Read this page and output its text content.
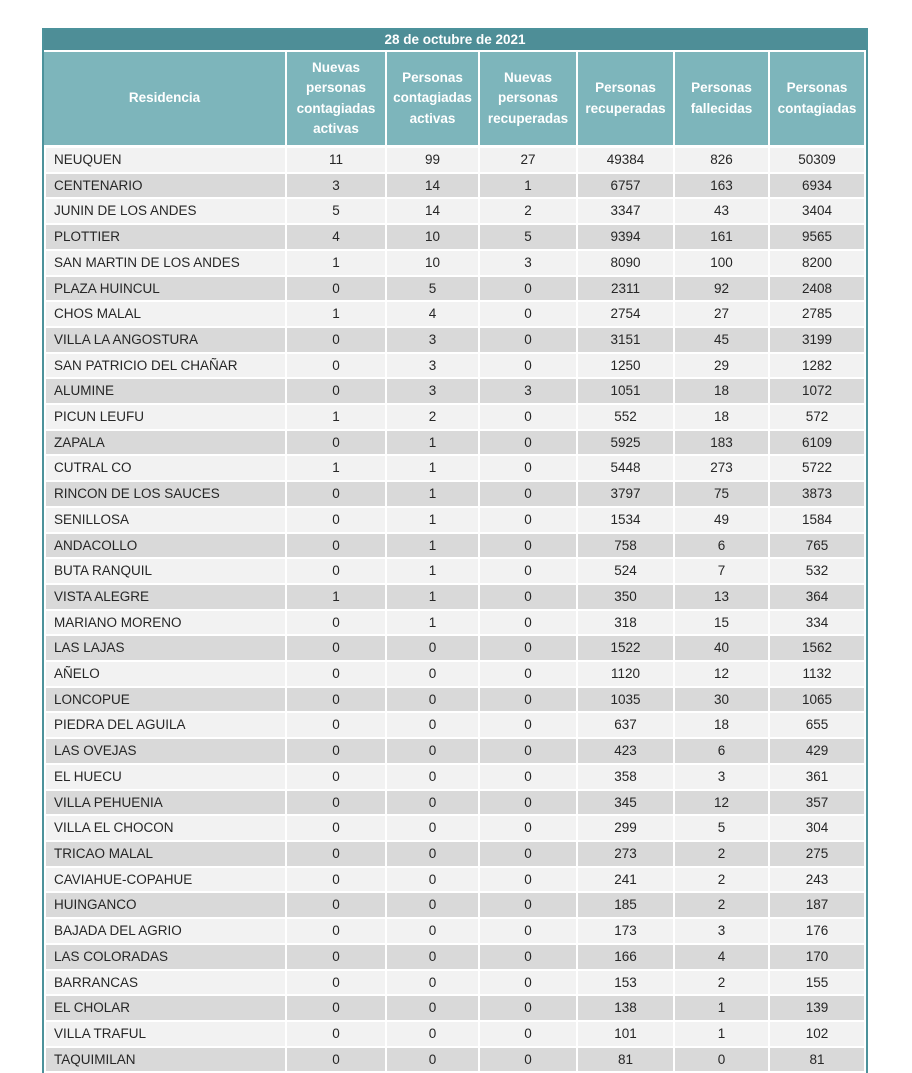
28 de octubre de 2021						
Residencia	Nuevas personas contagiadas activas	Personas contagiadas activas	Nuevas personas recuperadas	Personas recuperadas	Personas fallecidas	Personas contagiadas
NEUQUEN	11	99	27	49384	826	50309
CENTENARIO	3	14	1	6757	163	6934
JUNIN DE LOS ANDES	5	14	2	3347	43	3404
PLOTTIER	4	10	5	9394	161	9565
SAN MARTIN DE LOS ANDES	1	10	3	8090	100	8200
PLAZA HUINCUL	0	5	0	2311	92	2408
CHOS MALAL	1	4	0	2754	27	2785
VILLA LA ANGOSTURA	0	3	0	3151	45	3199
SAN PATRICIO DEL CHAÑAR	0	3	0	1250	29	1282
ALUMINE	0	3	3	1051	18	1072
PICUN LEUFU	1	2	0	552	18	572
ZAPALA	0	1	0	5925	183	6109
CUTRAL CO	1	1	0	5448	273	5722
RINCON DE LOS SAUCES	0	1	0	3797	75	3873
SENILLOSA	0	1	0	1534	49	1584
ANDACOLLO	0	1	0	758	6	765
BUTA RANQUIL	0	1	0	524	7	532
VISTA ALEGRE	1	1	0	350	13	364
MARIANO MORENO	0	1	0	318	15	334
LAS LAJAS	0	0	0	1522	40	1562
AÑELO	0	0	0	1120	12	1132
LONCOPUE	0	0	0	1035	30	1065
PIEDRA DEL AGUILA	0	0	0	637	18	655
LAS OVEJAS	0	0	0	423	6	429
EL HUECU	0	0	0	358	3	361
VILLA PEHUENIA	0	0	0	345	12	357
VILLA EL CHOCON	0	0	0	299	5	304
TRICAO MALAL	0	0	0	273	2	275
CAVIAHUE-COPAHUE	0	0	0	241	2	243
HUINGANCO	0	0	0	185	2	187
BAJADA DEL AGRIO	0	0	0	173	3	176
LAS COLORADAS	0	0	0	166	4	170
BARRANCAS	0	0	0	153	2	155
EL CHOLAR	0	0	0	138	1	139
VILLA TRAFUL	0	0	0	101	1	102
TAQUIMILAN	0	0	0	81	0	81
